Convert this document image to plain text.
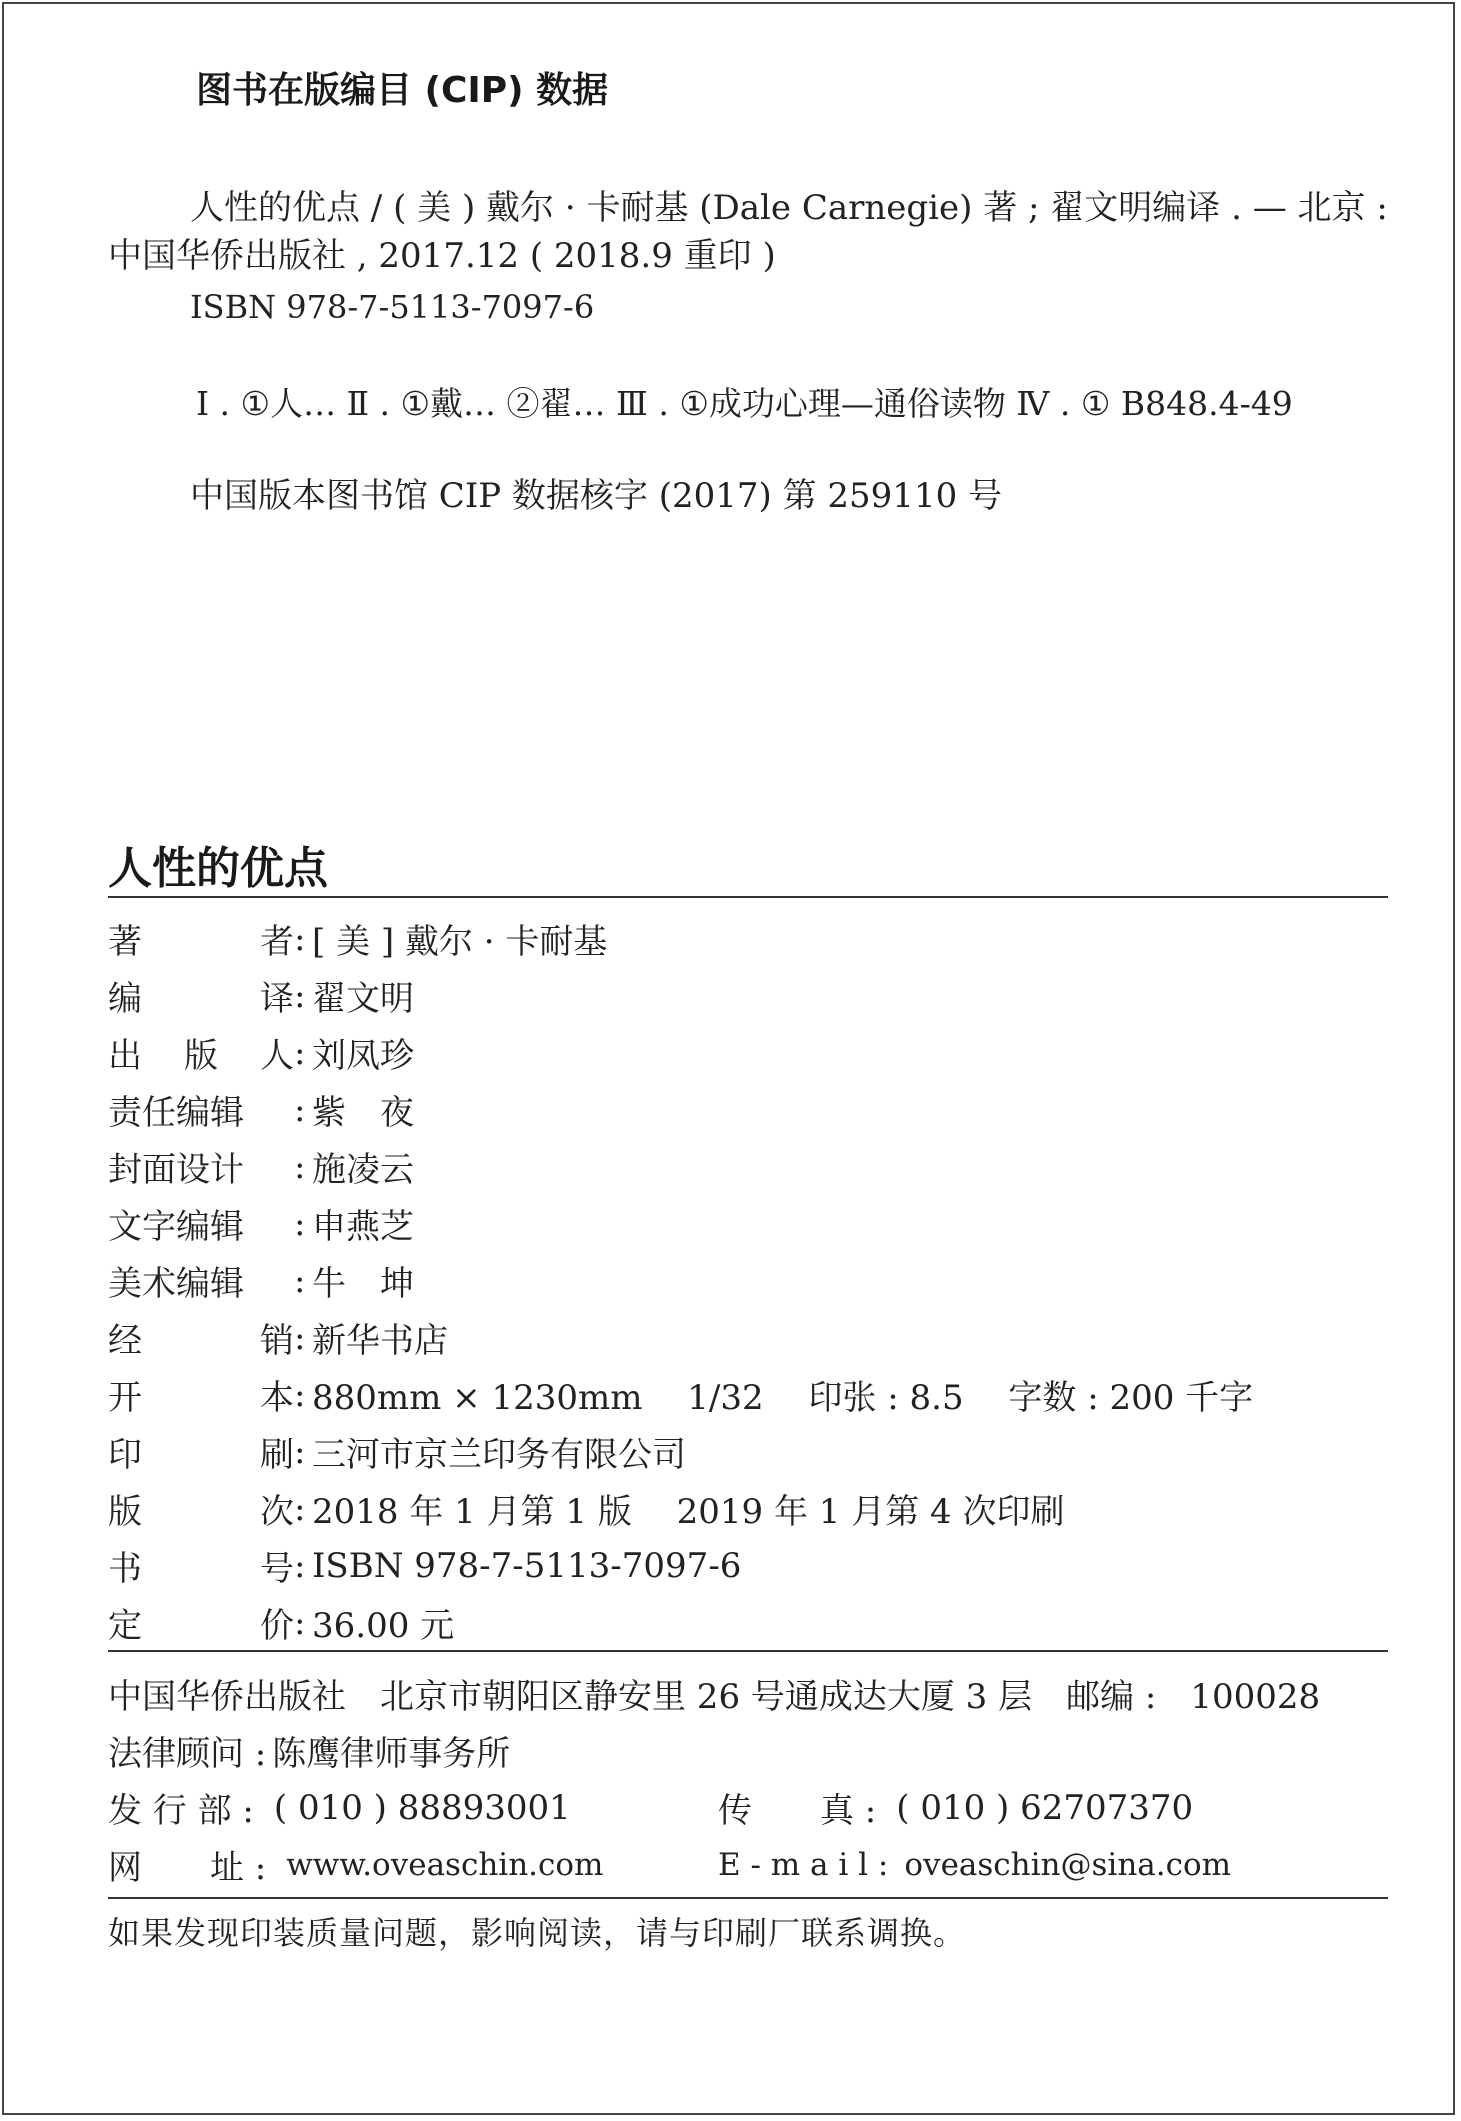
图书在版编目 (CIP) 数据
人性的优点 / ( 美 ) 戴尔 · 卡耐基 (Dale Carnegie) 著 ; 翟文明编译 . — 北京 :
中国华侨出版社 , 2017.12 ( 2018.9 重印 )
ISBN 978-7-5113-7097-6
Ⅰ . ①人… Ⅱ . ①戴… ②翟… Ⅲ . ①成功心理—通俗读物 Ⅳ . ① B848.4-49
中国版本图书馆 CIP 数据核字 (2017) 第 259110 号
人性的优点
著	者 : [ 美 ] 戴尔 · 卡耐基
编	译 : 翟文明
出 版 人 : 刘凤珍
责任编辑 : 紫　夜
封面设计 : 施凌云
文字编辑 : 申燕芝
美术编辑 : 牛　坤
经	销 : 新华书店
开	本 : 880mm × 1230mm　 1/32　 印张 : 8.5　 字数 : 200 千字
印	刷 : 三河市京兰印务有限公司
版	次 : 2018 年 1 月第 1 版　 2019 年 1 月第 4 次印刷
书	号 : ISBN 978-7-5113-7097-6
定	价 : 36.00 元
中国华侨出版社　北京市朝阳区静安里 26 号通成达大厦 3 层　邮编 :　100028
法律顾问 : 陈鹰律师事务所
发 行 部 : ( 010 ) 88893001	传　　真 : ( 010 ) 62707370
网　　址 : www.oveaschin.com	E - m a i l : oveaschin@sina.com
如果发现印装质量问题，影响阅读，请与印刷厂联系调换。
